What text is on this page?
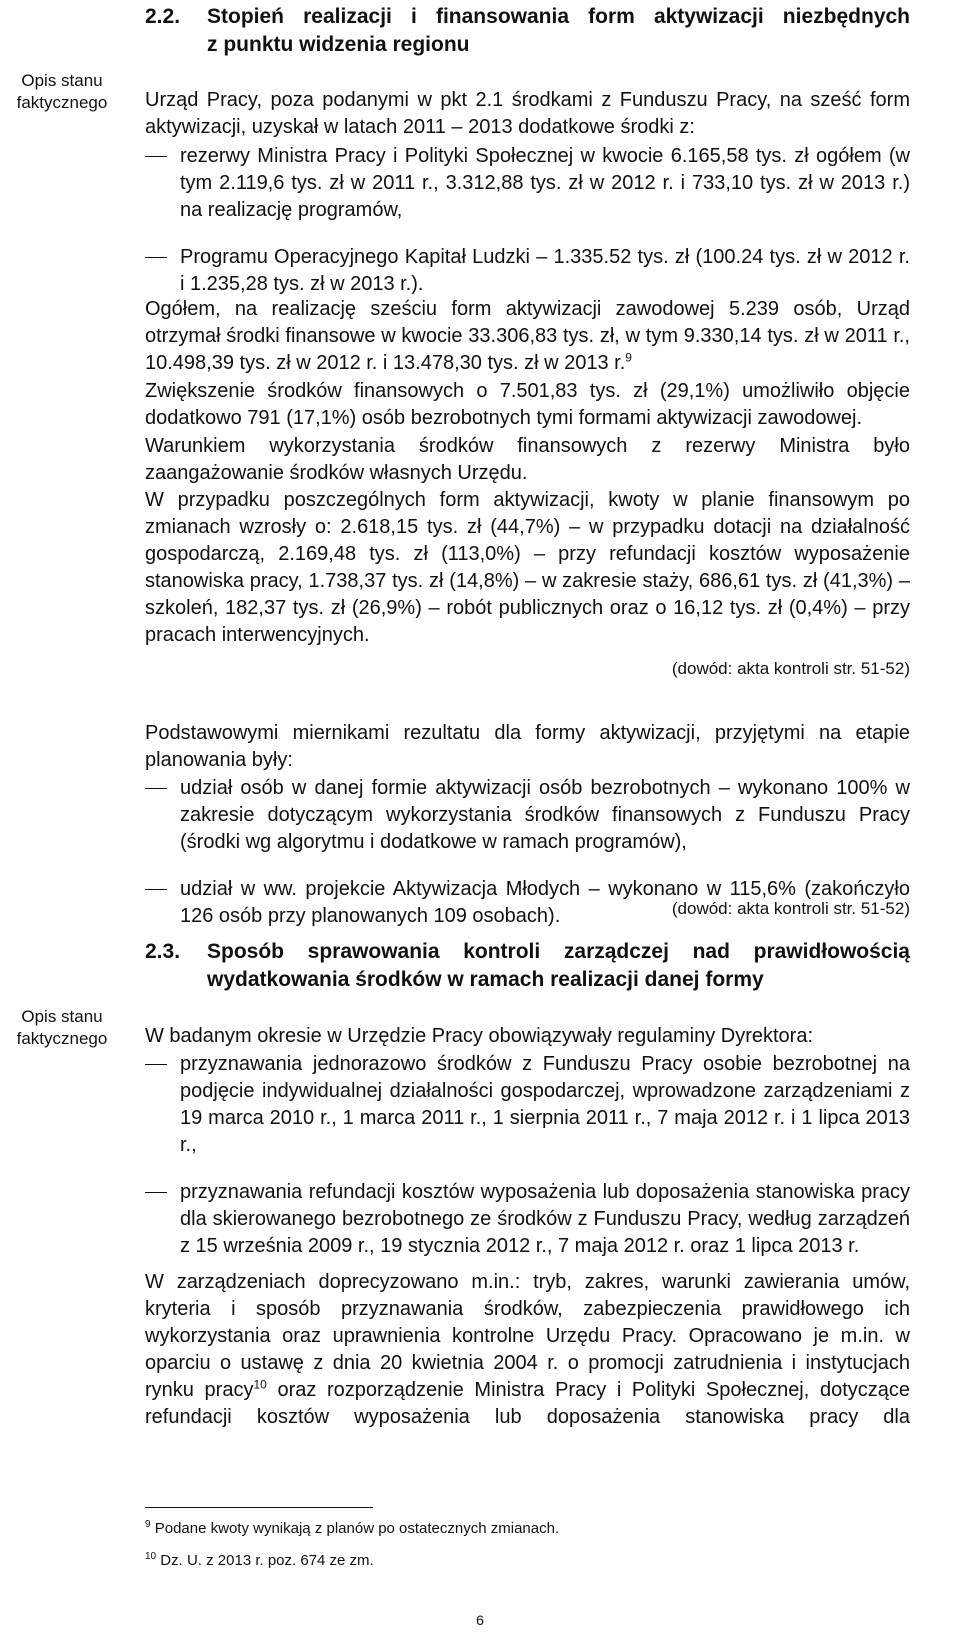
Opis stanu faktycznego
Opis stanu faktycznego
2.2. Stopień realizacji i finansowania form aktywizacji niezbędnych
z punktu widzenia regionu

Urząd Pracy, poza podanymi w pkt 2.1 środkami z Funduszu Pracy, na sześć form aktywizacji, uzyskał w latach 2011 – 2013 dodatkowe środki z:

rezerwy Ministra Pracy i Polityki Społecznej w kwocie 6.165,58 tys. zł ogółem (w tym 2.119,6 tys. zł w 2011 r., 3.312,88 tys. zł w 2012 r. i 733,10 tys. zł w 2013 r.) na realizację programów,

Programu Operacyjnego Kapitał Ludzki – 1.335.52 tys. zł (100.24 tys. zł w 2012 r. i 1.235,28 tys. zł w 2013 r.).

Ogółem, na realizację sześciu form aktywizacji zawodowej 5.239 osób, Urząd otrzymał środki finansowe w kwocie 33.306,83 tys. zł, w tym 9.330,14 tys. zł w 2011 r., 10.498,39 tys. zł w 2012 r. i 13.478,30 tys. zł w 2013 r.$^9$

Zwiększenie środków finansowych o 7.501,83 tys. zł (29,1%) umożliwiło objęcie dodatkowo 791 (17,1%) osób bezrobotnych tymi formami aktywizacji zawodowej.

Warunkiem wykorzystania środków finansowych z rezerwy Ministra było zaangażowanie środków własnych Urzędu.

W przypadku poszczególnych form aktywizacji, kwoty w planie finansowym po zmianach wzrosły o: 2.618,15 tys. zł (44,7%) – w przypadku dotacji na działalność gospodarczą, 2.169,48 tys. zł (113,0%) – przy refundacji kosztów wyposażenie stanowiska pracy, 1.738,37 tys. zł (14,8%) – w zakresie staży, 686,61 tys. zł (41,3%) – szkoleń, 182,37 tys. zł (26,9%) – robót publicznych oraz o 16,12 tys. zł (0,4%) – przy pracach interwencyjnych.

(dowód: akta kontroli str. 51-52)

Podstawowymi miernikami rezultatu dla formy aktywizacji, przyjętymi na etapie planowania były:

udział osób w danej formie aktywizacji osób bezrobotnych – wykonano 100% w zakresie dotyczącym wykorzystania środków finansowych z Funduszu Pracy (środki wg algorytmu i dodatkowe w ramach programów),

udział w ww. projekcie Aktywizacja Młodych – wykonano w 115,6% (zakończyło 126 osób przy planowanych 109 osobach).	(dowód: akta kontroli str. 51-52)
2.3. Sposób sprawowania kontroli zarządczej nad prawidłowością
wydatkowania środków w ramach realizacji danej formy

W badanym okresie w Urzędzie Pracy obowiązywały regulaminy Dyrektora:

przyznawania jednorazowo środków z Funduszu Pracy osobie bezrobotnej na podjęcie indywidualnej działalności gospodarczej, wprowadzone zarządzeniami z 19 marca 2010 r., 1 marca 2011 r., 1 sierpnia 2011 r., 7 maja 2012 r. i 1 lipca 2013 r.,

przyznawania refundacji kosztów wyposażenia lub doposażenia stanowiska pracy dla skierowanego bezrobotnego ze środków z Funduszu Pracy, według zarządzeń z 15 września 2009 r., 19 stycznia 2012 r., 7 maja 2012 r. oraz 1 lipca 2013 r.

W zarządzeniach doprecyzowano m.in.: tryb, zakres, warunki zawierania umów, kryteria i sposób przyznawania środków, zabezpieczenia prawidłowego ich wykorzystania oraz uprawnienia kontrolne Urzędu Pracy. Opracowano je m.in. w oparciu o ustawę z dnia 20 kwietnia 2004 r. o promocji zatrudnienia i instytucjach rynku pracy$^{10}$ oraz rozporządzenie Ministra Pracy i Polityki Społecznej, dotyczące refundacji kosztów wyposażenia lub doposażenia stanowiska pracy dla

$^9$ Podane kwoty wynikają z planów po ostatecznych zmianach.
$^{10}$ Dz. U. z 2013 r. poz. 674 ze zm.
6
